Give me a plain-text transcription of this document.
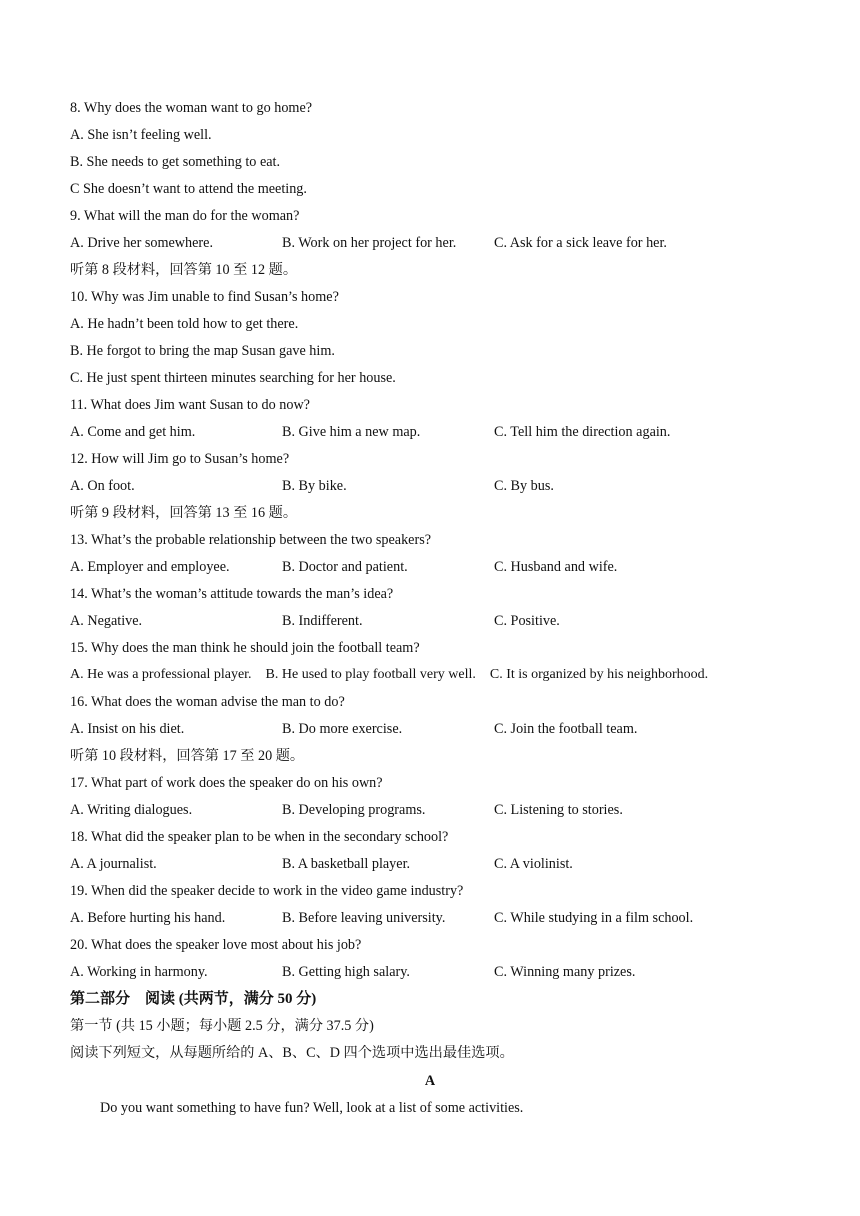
8. Why does the woman want to go home?
A. She isn’t feeling well.
B. She needs to get something to eat.
C She doesn’t want to attend the meeting.
9. What will the man do for the woman?
A. Drive her somewhere.	B. Work on her project for her.	C. Ask for a sick leave for her.
听第 8 段材料，回答第 10 至 12 题。
10. Why was Jim unable to find Susan’s home?
A. He hadn’t been told how to get there.
B. He forgot to bring the map Susan gave him.
C. He just spent thirteen minutes searching for her house.
11. What does Jim want Susan to do now?
A. Come and get him.	B. Give him a new map.	C. Tell him the direction again.
12. How will Jim go to Susan’s home?
A. On foot.	B. By bike.	C. By bus.
听第 9 段材料，回答第 13 至 16 题。
13. What’s the probable relationship between the two speakers?
A. Employer and employee.	B. Doctor and patient.	C. Husband and wife.
14. What’s the woman’s attitude towards the man’s idea?
A. Negative.	B. Indifferent.	C. Positive.
15. Why does the man think he should join the football team?
A. He was a professional player.    B. He used to play football very well.    C. It is organized by his neighborhood.
16. What does the woman advise the man to do?
A. Insist on his diet.	B. Do more exercise.	C. Join the football team.
听第 10 段材料，回答第 17 至 20 题。
17. What part of work does the speaker do on his own?
A. Writing dialogues.	B. Developing programs.	C. Listening to stories.
18. What did the speaker plan to be when in the secondary school?
A. A journalist.	B. A basketball player.	C. A violinist.
19. When did the speaker decide to work in the video game industry?
A. Before hurting his hand.	B. Before leaving university.	C. While studying in a film school.
20. What does the speaker love most about his job?
A. Working in harmony.	B. Getting high salary.	C. Winning many prizes.
第二部分　阅读 (共两节，满分 50 分)
第一节 (共 15 小题；每小题 2.5 分，满分 37.5 分)
阅读下列短文，从每题所给的 A、B、C、D 四个选项中选出最佳选项。
A
Do you want something to have fun? Well, look at a list of some activities.
